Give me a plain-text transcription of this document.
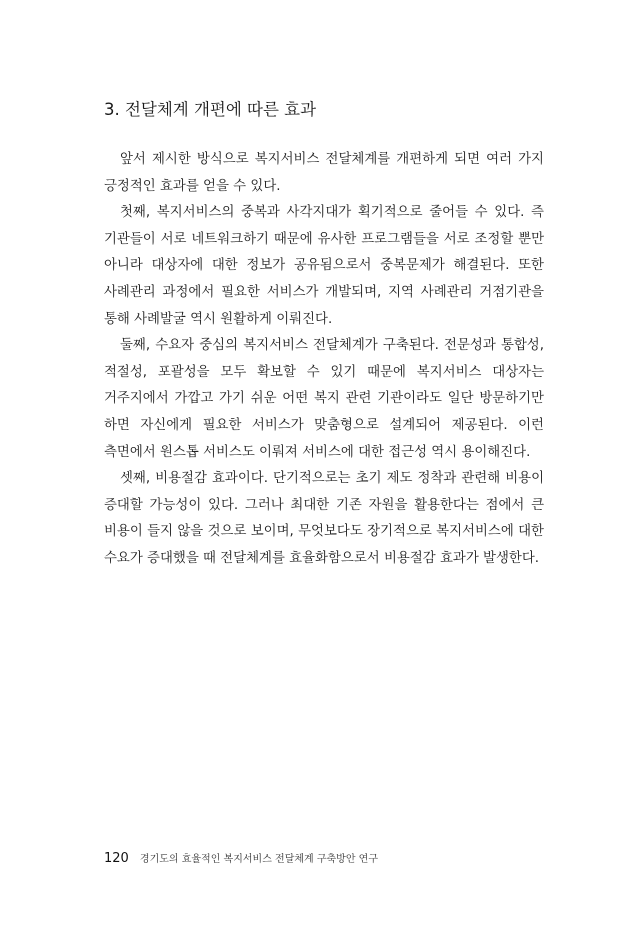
3. 전달체계 개편에 따른 효과

앞서 제시한 방식으로 복지서비스 전달체계를 개편하게 되면 여러 가지 긍정적인 효과를 얻을 수 있다.

첫째, 복지서비스의 중복과 사각지대가 획기적으로 줄어들 수 있다. 즉 기관들이 서로 네트워크하기 때문에 유사한 프로그램들을 서로 조정할 뿐만 아니라 대상자에 대한 정보가 공유됨으로서 중복문제가 해결된다. 또한 사례관리 과정에서 필요한 서비스가 개발되며, 지역 사례관리 거점기관을 통해 사례발굴 역시 원활하게 이뤄진다.

둘째, 수요자 중심의 복지서비스 전달체계가 구축된다. 전문성과 통합성, 적절성, 포괄성을 모두 확보할 수 있기 때문에 복지서비스 대상자는 거주지에서 가깝고 가기 쉬운 어떤 복지 관련 기관이라도 일단 방문하기만 하면 자신에게 필요한 서비스가 맞춤형으로 설계되어 제공된다. 이런 측면에서 원스톱 서비스도 이뤄져 서비스에 대한 접근성 역시 용이해진다.

셋째, 비용절감 효과이다. 단기적으로는 초기 제도 정착과 관련해 비용이 증대할 가능성이 있다. 그러나 최대한 기존 자원을 활용한다는 점에서 큰 비용이 들지 않을 것으로 보이며, 무엇보다도 장기적으로 복지서비스에 대한 수요가 증대했을 때 전달체계를 효율화함으로서 비용절감 효과가 발생한다.

120 경기도의 효율적인 복지서비스 전달체계 구축방안 연구
